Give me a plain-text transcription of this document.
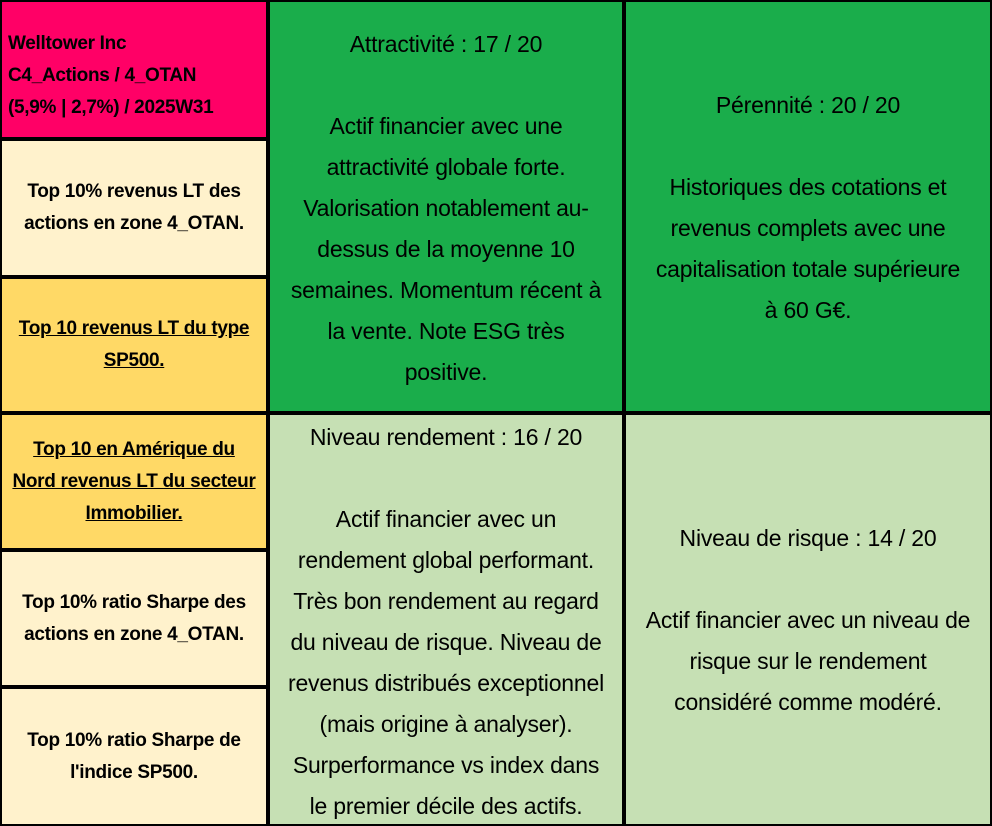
Welltower Inc
C4_Actions / 4_OTAN
(5,9% | 2,7%) / 2025W31
Top 10% revenus LT des
actions en zone 4_OTAN.
Top 10 revenus LT du type
SP500.
Top 10 en Amérique du
Nord revenus LT du secteur
Immobilier.
Top 10% ratio Sharpe des
actions en zone 4_OTAN.
Top 10% ratio Sharpe de
l'indice SP500.
Attractivité : 17 / 20
Actif financier avec une
attractivité globale forte.
Valorisation notablement au-
dessus de la moyenne 10
semaines. Momentum récent à
la vente. Note ESG très
positive.
Pérennité : 20 / 20
Historiques des cotations et
revenus complets avec une
capitalisation totale supérieure
à 60 G€.
Niveau rendement : 16 / 20
Actif financier avec un
rendement global performant.
Très bon rendement au regard
du niveau de risque. Niveau de
revenus distribués exceptionnel
(mais origine à analyser).
Surperformance vs index dans
le premier décile des actifs.
Niveau de risque : 14 / 20
Actif financier avec un niveau de
risque sur le rendement
considéré comme modéré.
